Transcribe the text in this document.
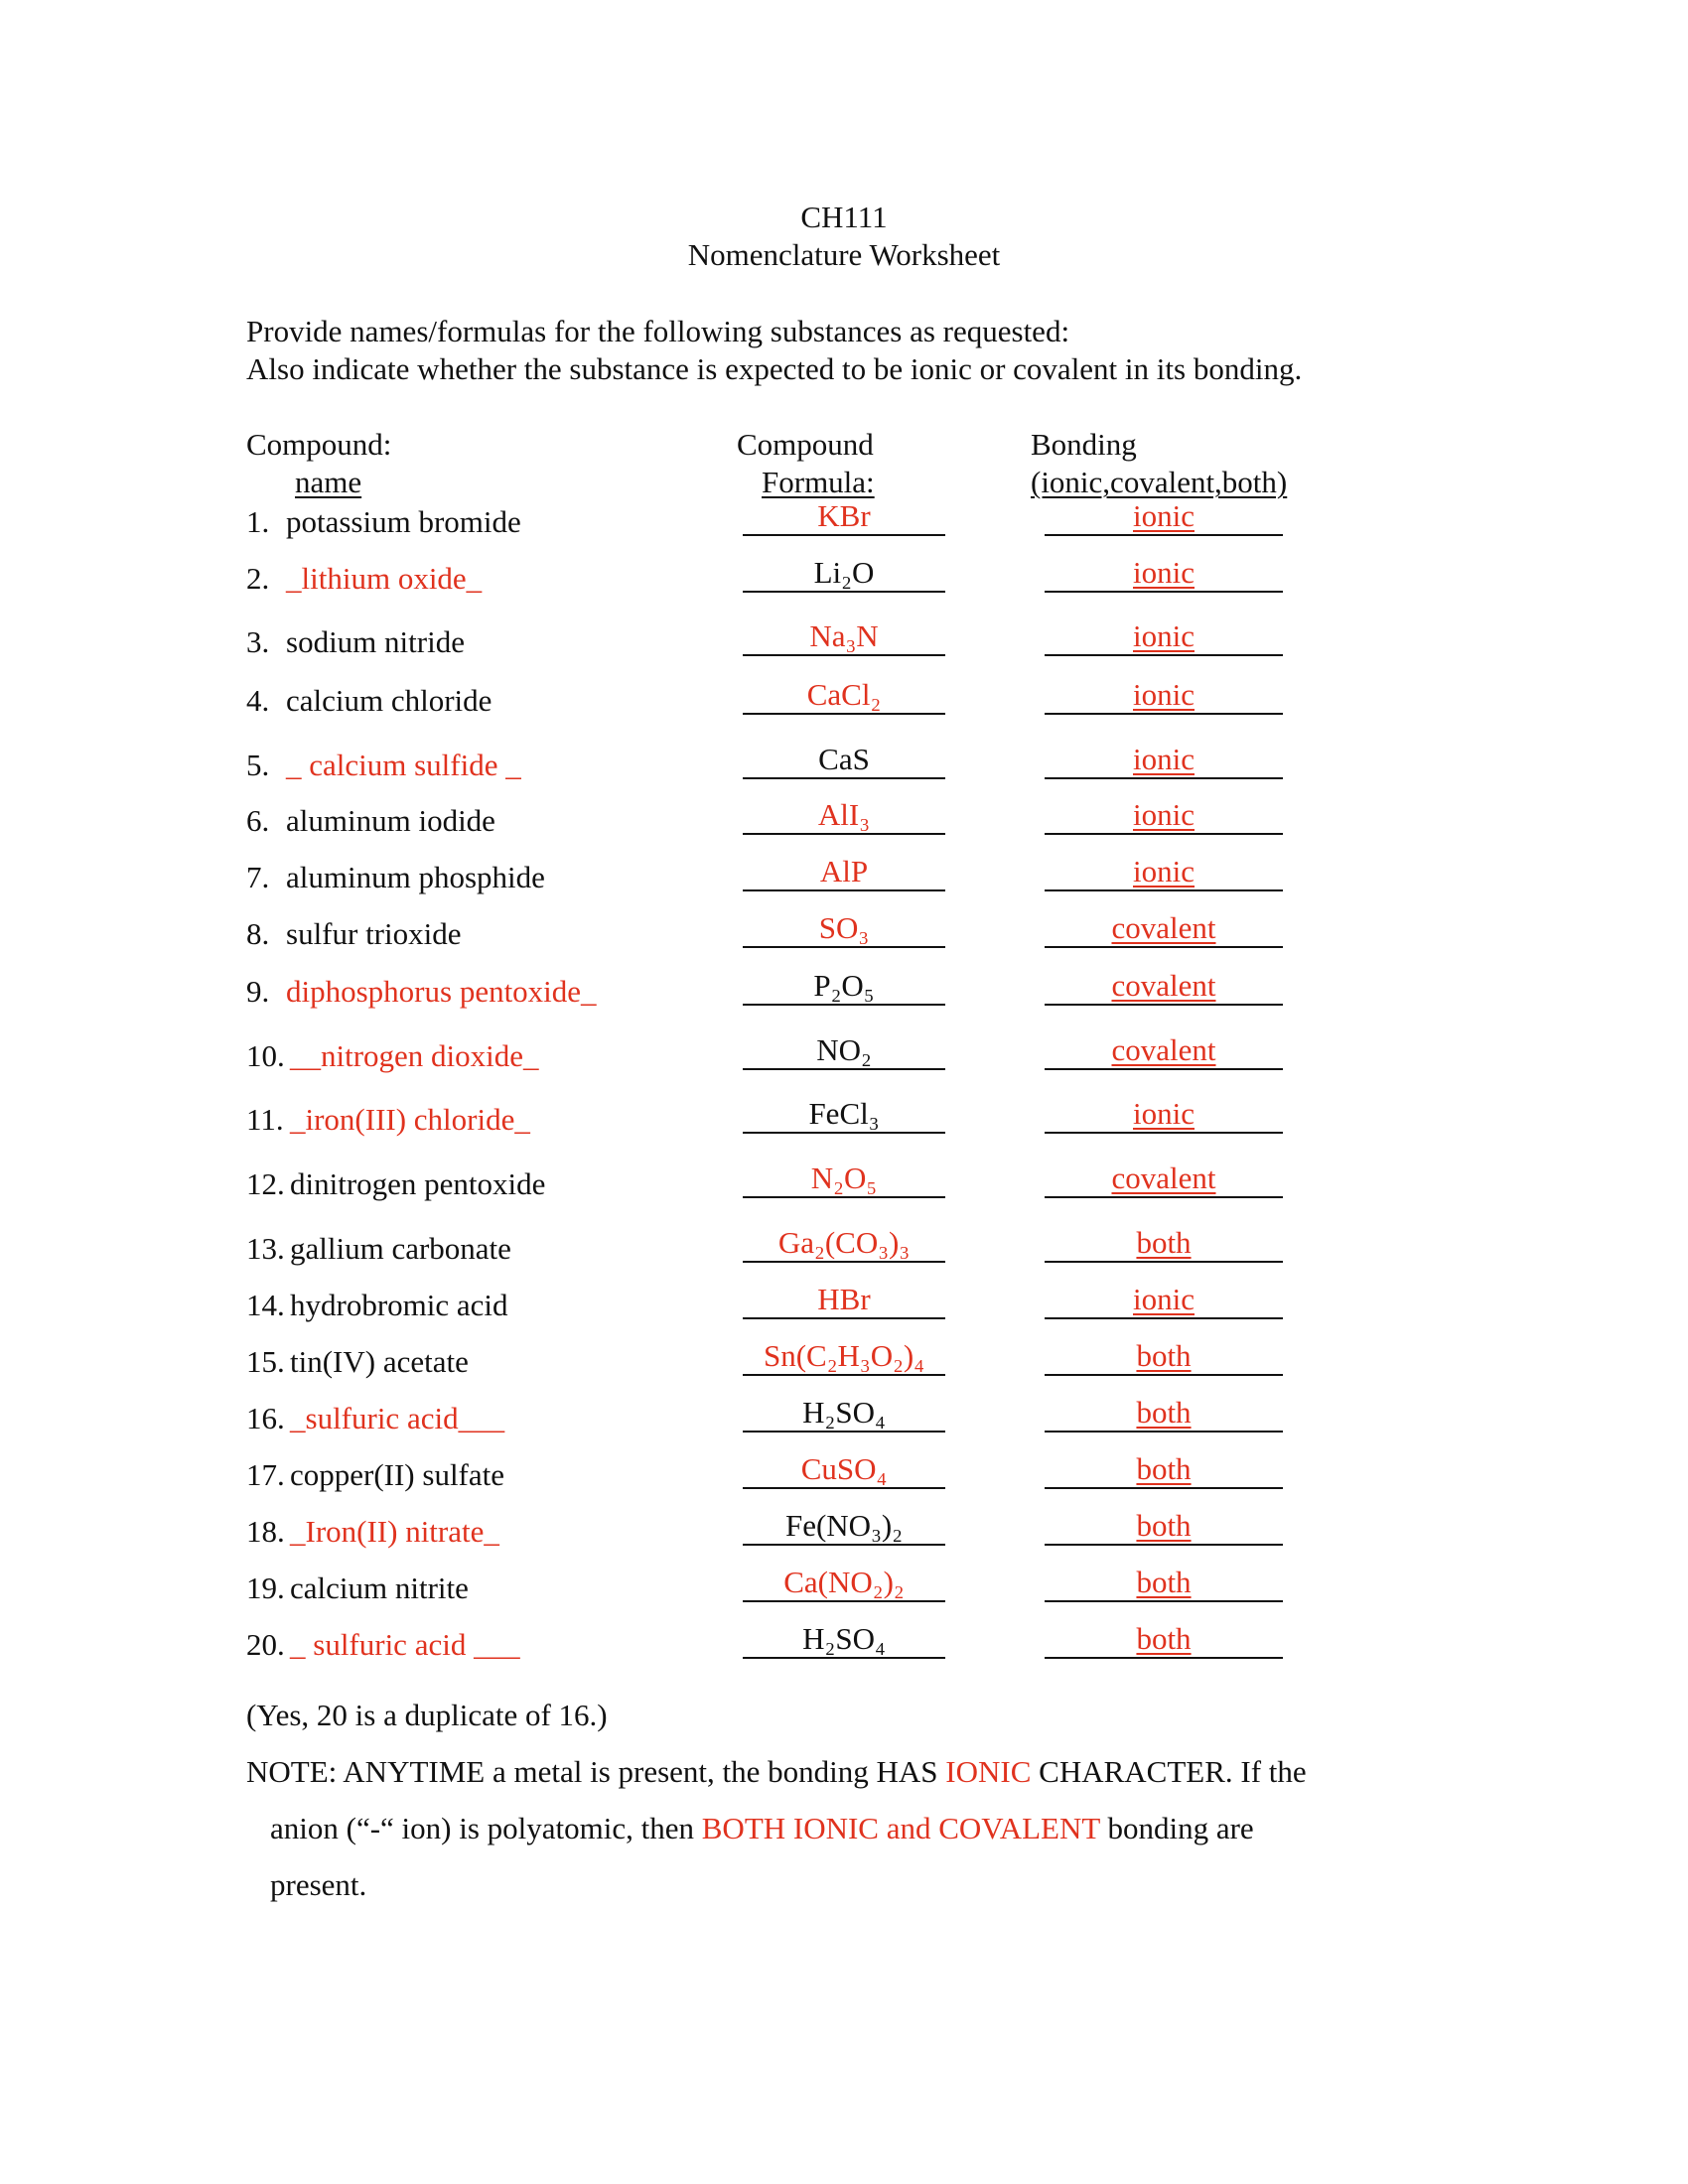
CH111
Nomenclature Worksheet
Provide names/formulas for the following substances as requested:
Also indicate whether the substance is expected to be ionic or covalent in its bonding.
Compound:
name
Compound
Formula:
Bonding
(ionic,covalent,both)
1. potassium bromide	KBr	ionic
2. _lithium oxide_	Li₂O	ionic
3. sodium nitride	Na₃N	ionic
4. calcium chloride	CaCl₂	ionic
5. _ calcium sulfide _	CaS	ionic
6. aluminum iodide	AlI₃	ionic
7. aluminum phosphide	AlP	ionic
8. sulfur trioxide	SO₃	covalent
9. diphosphorus pentoxide_	P₂O₅	covalent
10. __nitrogen dioxide_	NO₂	covalent
11. _iron(III) chloride_	FeCl₃	ionic
12. dinitrogen pentoxide	N₂O₅	covalent
13. gallium carbonate	Ga₂(CO₃)₃	both
14. hydrobromic acid	HBr	ionic
15. tin(IV) acetate	Sn(C₂H₃O₂)₄	both
16. _sulfuric acid___	H₂SO₄	both
17. copper(II) sulfate	CuSO₄	both
18. _Iron(II) nitrate_	Fe(NO₃)₂	both
19. calcium nitrite	Ca(NO₂)₂	both
20. _ sulfuric acid ___	H₂SO₄	both
(Yes, 20 is a duplicate of 16.)
NOTE: ANYTIME a metal is present, the bonding HAS IONIC CHARACTER. If the
anion (“-“ ion) is polyatomic, then BOTH IONIC and COVALENT bonding are
present.
